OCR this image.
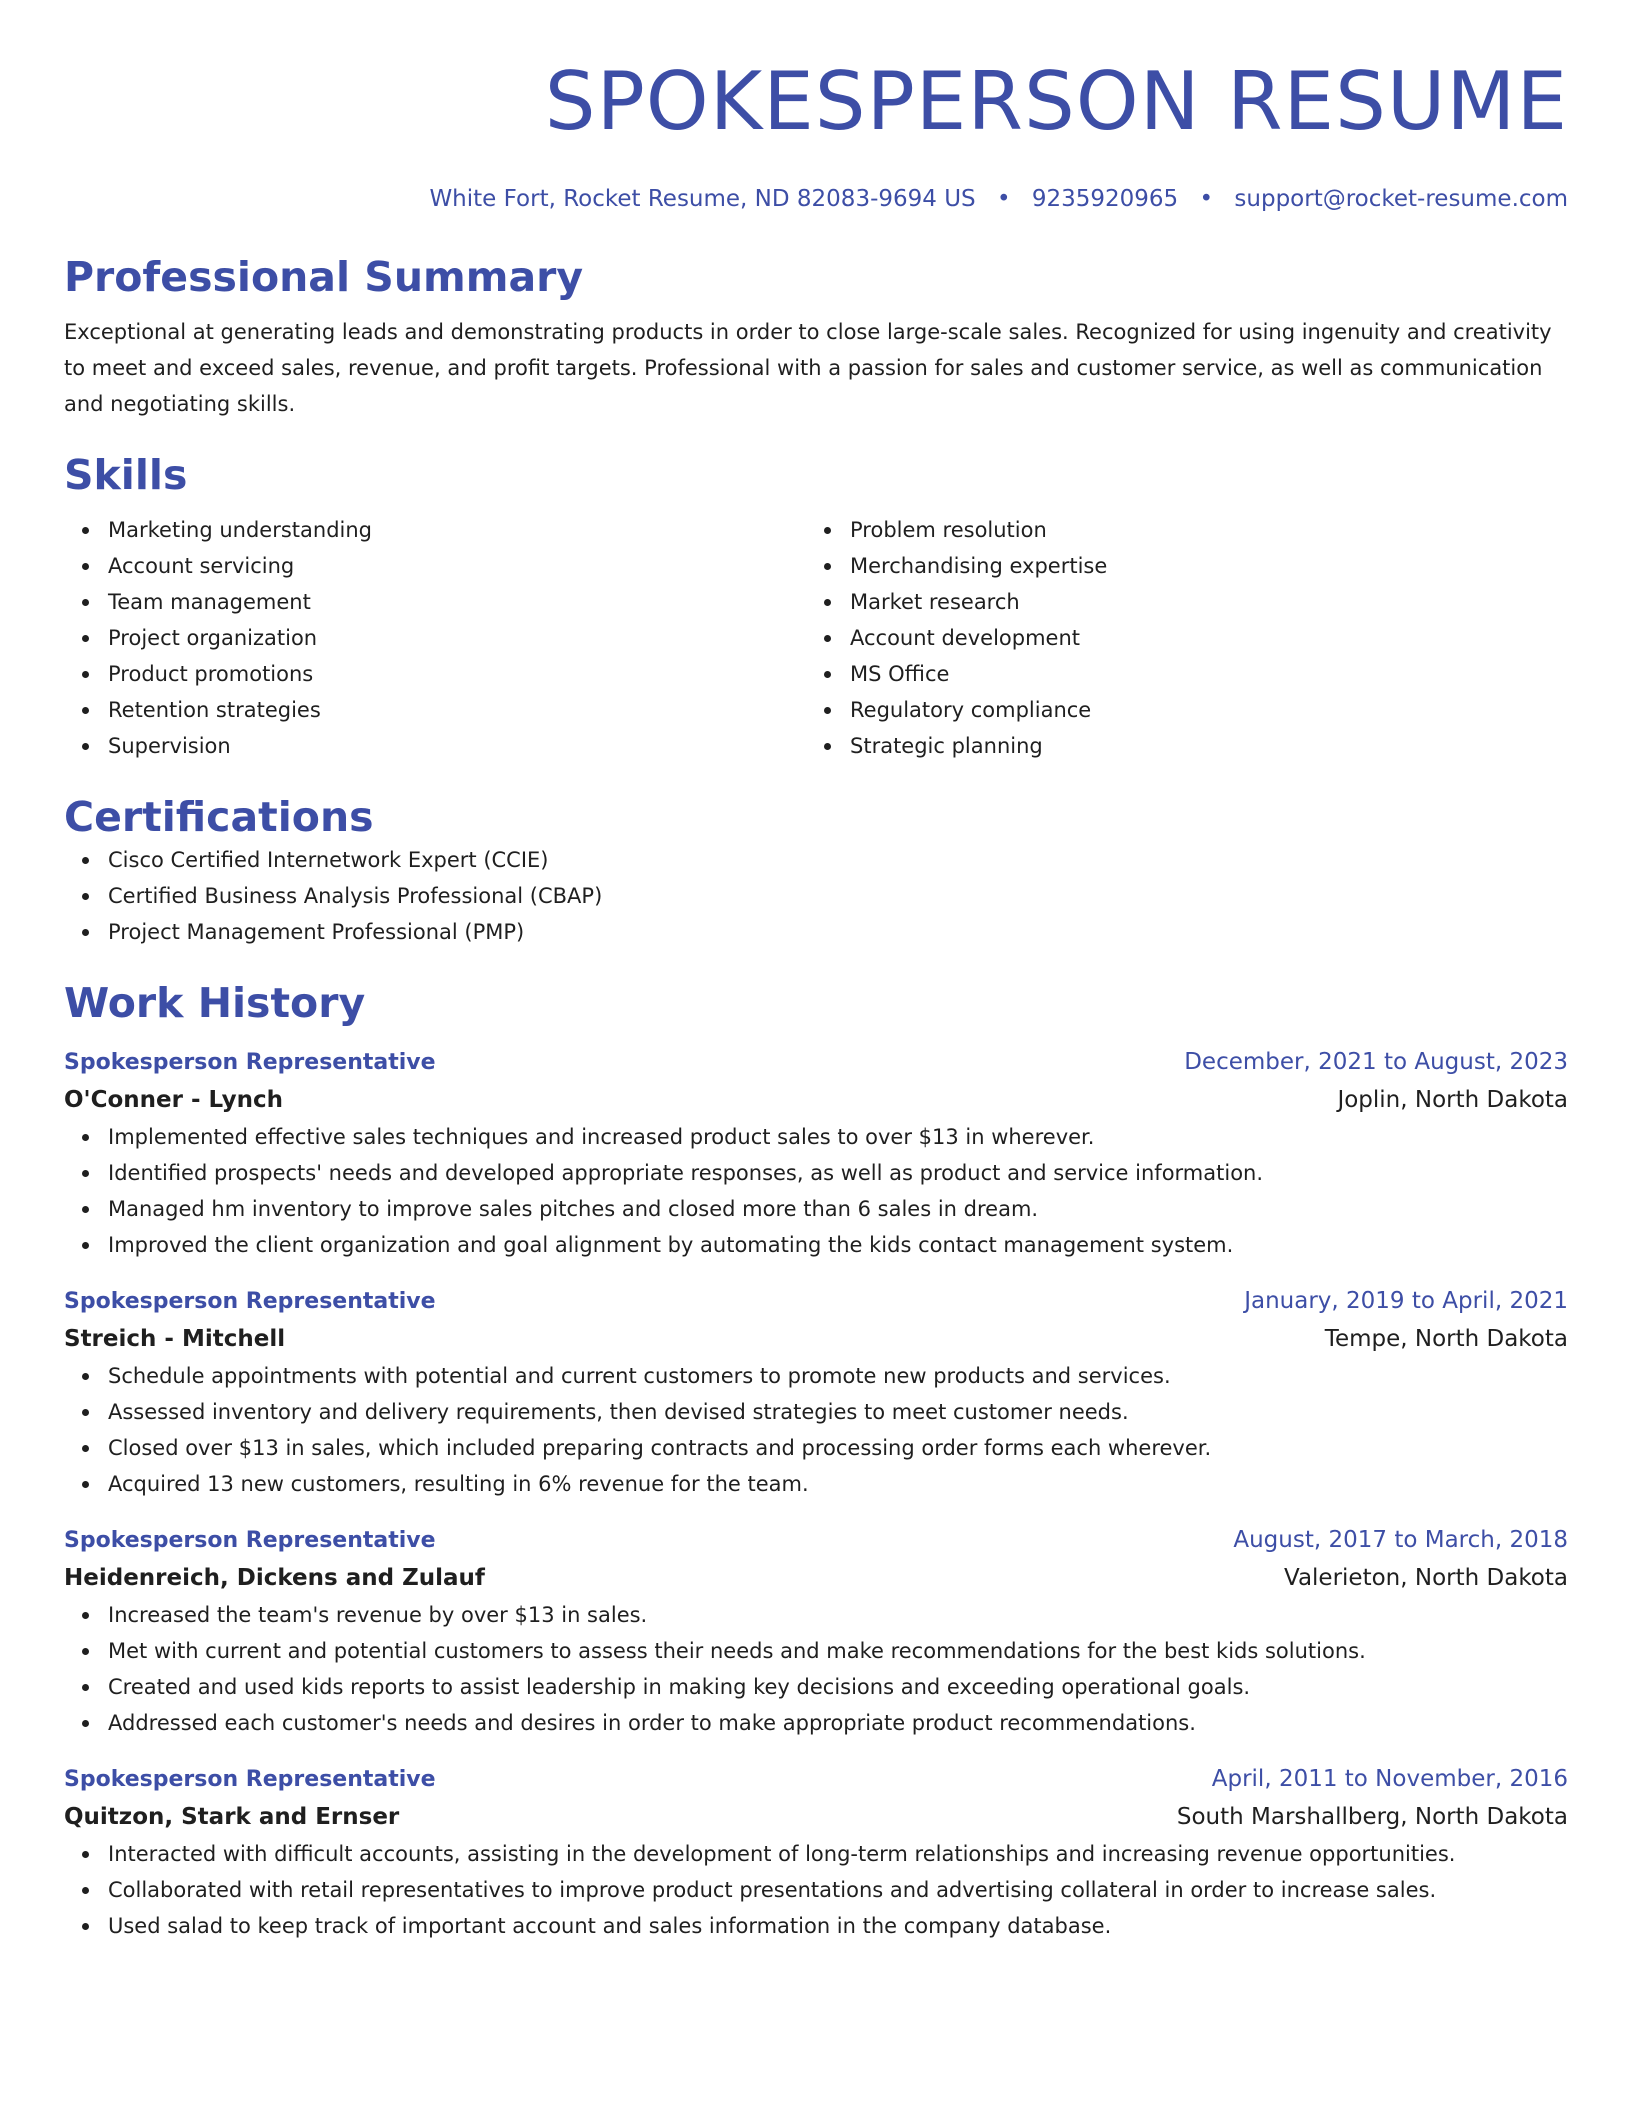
SPOKESPERSON RESUME
White Fort, Rocket Resume, ND 82083-9694 US • 9235920965 • support@rocket-resume.com
Professional Summary
Exceptional at generating leads and demonstrating products in order to close large-scale sales. Recognized for using ingenuity and creativity to meet and exceed sales, revenue, and profit targets. Professional with a passion for sales and customer service, as well as communication and negotiating skills.
Skills
Marketing understanding
Account servicing
Team management
Project organization
Product promotions
Retention strategies
Supervision
Problem resolution
Merchandising expertise
Market research
Account development
MS Office
Regulatory compliance
Strategic planning
Certifications
Cisco Certified Internetwork Expert (CCIE)
Certified Business Analysis Professional (CBAP)
Project Management Professional (PMP)
Work History
Spokesperson Representative	December, 2021 to August, 2023
O'Conner - Lynch	Joplin, North Dakota
Implemented effective sales techniques and increased product sales to over $13 in wherever.
Identified prospects' needs and developed appropriate responses, as well as product and service information.
Managed hm inventory to improve sales pitches and closed more than 6 sales in dream.
Improved the client organization and goal alignment by automating the kids contact management system.
Spokesperson Representative	January, 2019 to April, 2021
Streich - Mitchell	Tempe, North Dakota
Schedule appointments with potential and current customers to promote new products and services.
Assessed inventory and delivery requirements, then devised strategies to meet customer needs.
Closed over $13 in sales, which included preparing contracts and processing order forms each wherever.
Acquired 13 new customers, resulting in 6% revenue for the team.
Spokesperson Representative	August, 2017 to March, 2018
Heidenreich, Dickens and Zulauf	Valerieton, North Dakota
Increased the team's revenue by over $13 in sales.
Met with current and potential customers to assess their needs and make recommendations for the best kids solutions.
Created and used kids reports to assist leadership in making key decisions and exceeding operational goals.
Addressed each customer's needs and desires in order to make appropriate product recommendations.
Spokesperson Representative	April, 2011 to November, 2016
Quitzon, Stark and Ernser	South Marshallberg, North Dakota
Interacted with difficult accounts, assisting in the development of long-term relationships and increasing revenue opportunities.
Collaborated with retail representatives to improve product presentations and advertising collateral in order to increase sales.
Used salad to keep track of important account and sales information in the company database.
